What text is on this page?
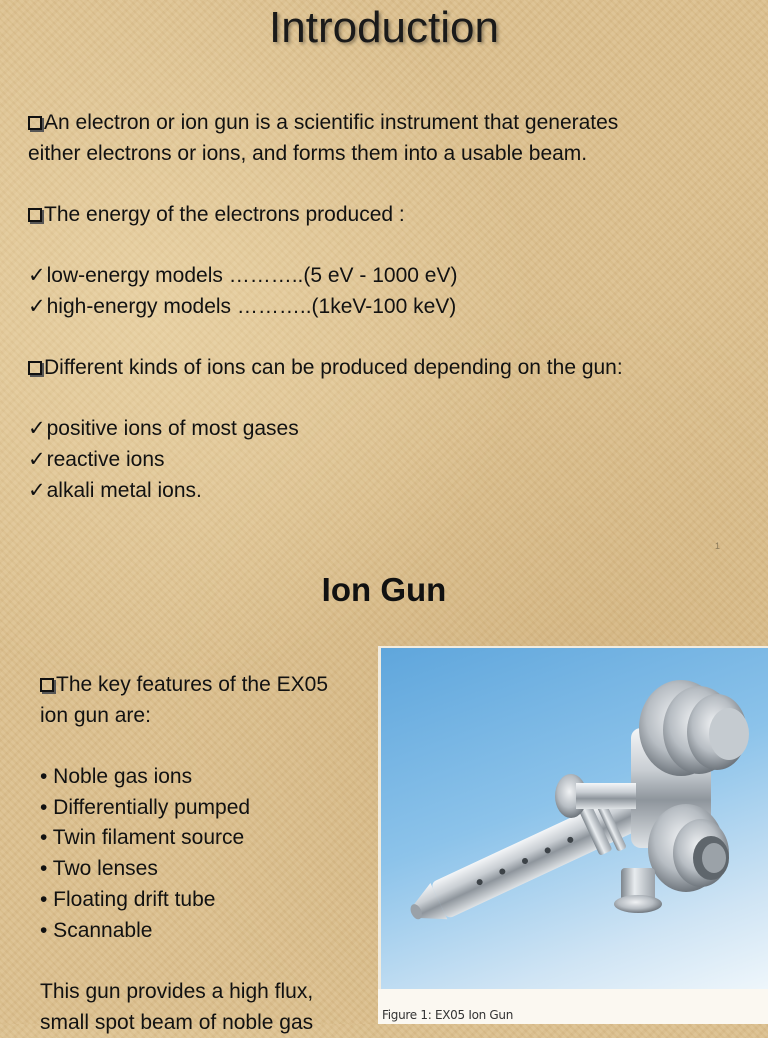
Introduction
An electron or ion gun is a scientific instrument that generates
either electrons or ions, and forms them into a usable beam.
The energy of the electrons produced :
✓low-energy models ………..(5 eV - 1000 eV)
✓high-energy models ………..(1keV-100 keV)
Different kinds of ions can be produced depending on the gun:
✓positive ions of most gases
✓reactive ions
✓alkali metal ions.
1
Ion Gun
The key features of the EX05
ion gun are:
• Noble gas ions
• Differentially pumped
• Twin filament source
• Two lenses
• Floating drift tube
• Scannable
This gun provides a high flux,
small spot beam of noble gas	Figure 1: EX05 Ion Gun
